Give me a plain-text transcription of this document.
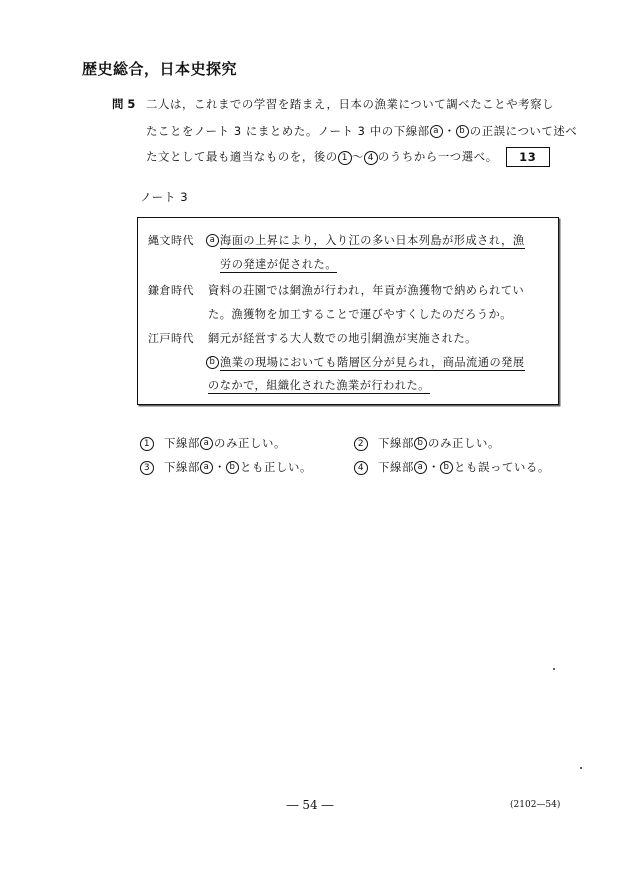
歴史総合，日本史探究
問 5 二人は，これまでの学習を踏まえ，日本の漁業について調べたことや考察し
たことをノート 3 にまとめた。ノート 3 中の下線部 a ・ b の正誤について述べ
た文として最も適当なものを，後の 1 ～ 4 のうちから一つ選べ。 13
ノート 3
縄文時代	a 海面の上昇により，入り江の多い日本列島が形成され，漁
労の発達が促された。
鎌倉時代 資料の荘園では網漁が行われ，年貢が漁獲物で納められてい
た。漁獲物を加工することで運びやすくしたのだろうか。
江戸時代 網元が経営する大人数での地引網漁が実施された。
b 漁業の現場においても階層区分が見られ，商品流通の発展
のなかで，組織化された漁業が行われた。
1 下線部 a のみ正しい。	2 下線部 b のみ正しい。
3 下線部 a ・ b とも正しい。	4 下線部 a ・ b とも誤っている。
― 54 ―	(2102—54)
